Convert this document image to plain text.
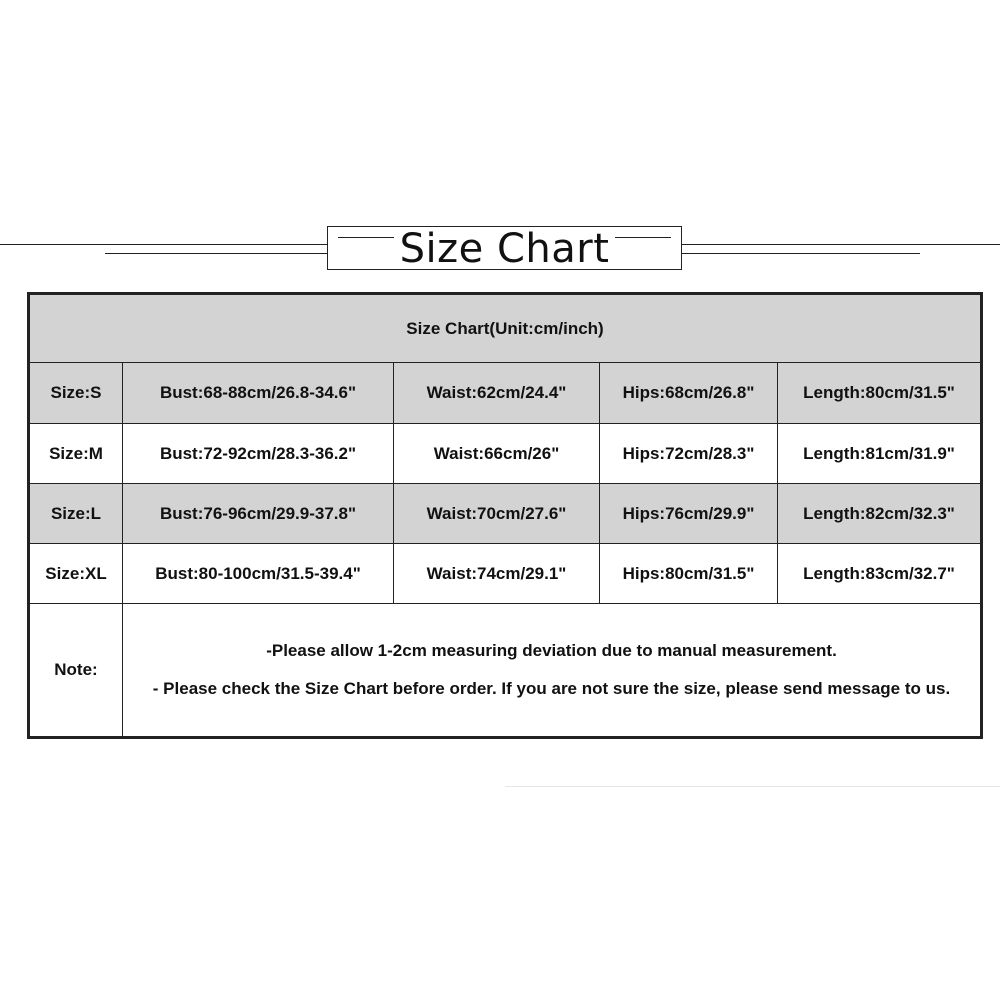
Size Chart
Size Chart(Unit:cm/inch)				
Size:S	Bust:68-88cm/26.8-34.6"	Waist:62cm/24.4"	Hips:68cm/26.8"	Length:80cm/31.5"
Size:M	Bust:72-92cm/28.3-36.2"	Waist:66cm/26"	Hips:72cm/28.3"	Length:81cm/31.9"
Size:L	Bust:76-96cm/29.9-37.8"	Waist:70cm/27.6"	Hips:76cm/29.9"	Length:82cm/32.3"
Size:XL	Bust:80-100cm/31.5-39.4"	Waist:74cm/29.1"	Hips:80cm/31.5"	Length:83cm/32.7"
Note:	-Please allow 1-2cm measuring deviation due to manual measurement.
- Please check the Size Chart before order. If you are not sure the size, please send message to us.			
